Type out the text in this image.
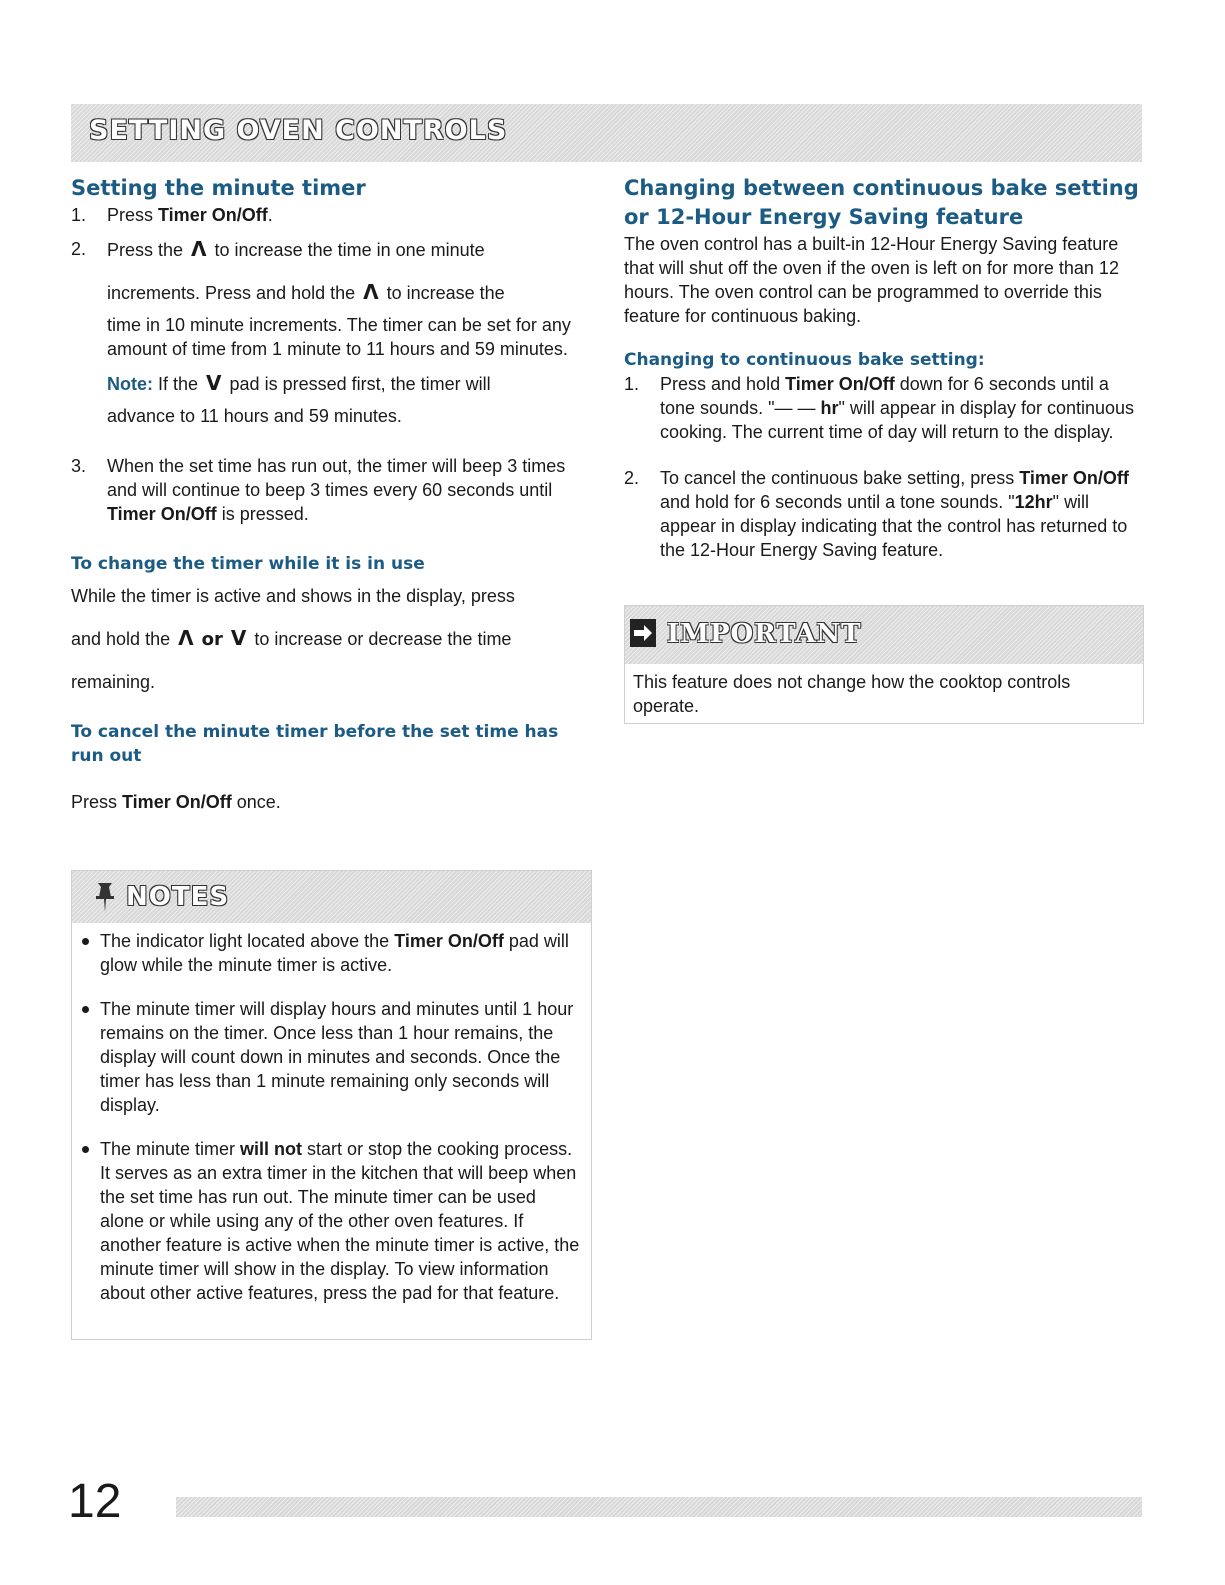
SETTING OVEN CONTROLS
Setting the minute timer
1. Press Timer On/Off.
2. Press the Λ to increase the time in one minute
increments. Press and hold the Λ to increase the
time in 10 minute increments. The timer can be set for any amount of time from 1 minute to 11 hours and 59 minutes.
Note: If the V pad is pressed first, the timer will
advance to 11 hours and 59 minutes.
3. When the set time has run out, the timer will beep 3 times and will continue to beep 3 times every 60 seconds until Timer On/Off is pressed.
To change the timer while it is in use

While the timer is active and shows in the display, press

and hold the Λ or V to increase or decrease the time

remaining.

To cancel the minute timer before the set time has run out

Press Timer On/Off once.

NOTES
The indicator light located above the Timer On/Off pad will glow while the minute timer is active.
The minute timer will display hours and minutes until 1 hour remains on the timer. Once less than 1 hour remains, the display will count down in minutes and seconds. Once the timer has less than 1 minute remaining only seconds will display.
The minute timer will not start or stop the cooking process. It serves as an extra timer in the kitchen that will beep when the set time has run out. The minute timer can be used alone or while using any of the other oven features. If another feature is active when the minute timer is active, the minute timer will show in the display. To view information about other active features, press the pad for that feature.
Changing between continuous bake setting or 12-Hour Energy Saving feature

The oven control has a built-in 12-Hour Energy Saving feature that will shut off the oven if the oven is left on for more than 12 hours. The oven control can be programmed to override this feature for continuous baking.

Changing to continuous bake setting:
1. Press and hold Timer On/Off down for 6 seconds until a tone sounds. "— — hr" will appear in display for continuous cooking. The current time of day will return to the display.
2. To cancel the continuous bake setting, press Timer On/Off and hold for 6 seconds until a tone sounds. "12hr" will appear in display indicating that the control has returned to the 12-Hour Energy Saving feature.
IMPORTANT
This feature does not change how the cooktop controls operate.
12
